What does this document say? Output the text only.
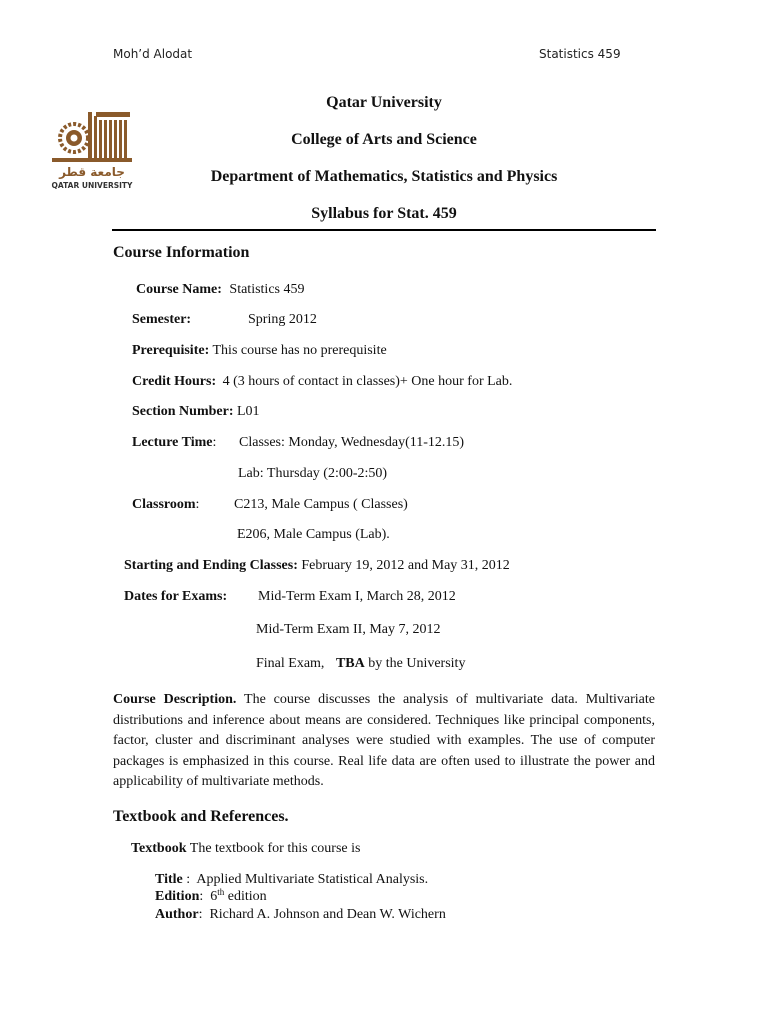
Moh’d Alodat	Statistics 459
جامعة قطر
QATAR UNIVERSITY
Qatar University
College of Arts and Science
Department of Mathematics, Statistics and Physics
Syllabus for Stat. 459
Course Information
Course Name: Statistics 459
Semester:	Spring 2012
Prerequisite: This course has no prerequisite
Credit Hours: 4 (3 hours of contact in classes)+ One hour for Lab.
Section Number: L01
Lecture Time: Classes: Monday, Wednesday(11-12.15)
Lab: Thursday (2:00-2:50)
Classroom: C213, Male Campus ( Classes)
E206, Male Campus (Lab).
Starting and Ending Classes: February 19, 2012 and May 31, 2012
Dates for Exams: Mid-Term Exam I, March 28, 2012
Mid-Term Exam II, May 7, 2012
Final Exam, TBA by the University
Course Description. The course discusses the analysis of multivariate data. Multivariate distributions and inference about means are considered. Techniques like principal components, factor, cluster and discriminant analyses were studied with examples. The use of computer packages is emphasized in this course. Real life data are often used to illustrate the power and applicability of multivariate methods.
Textbook and References.
Textbook The textbook for this course is
Title :  Applied Multivariate Statistical Analysis.
Edition:  6th edition
Author:  Richard A. Johnson and Dean W. Wichern
